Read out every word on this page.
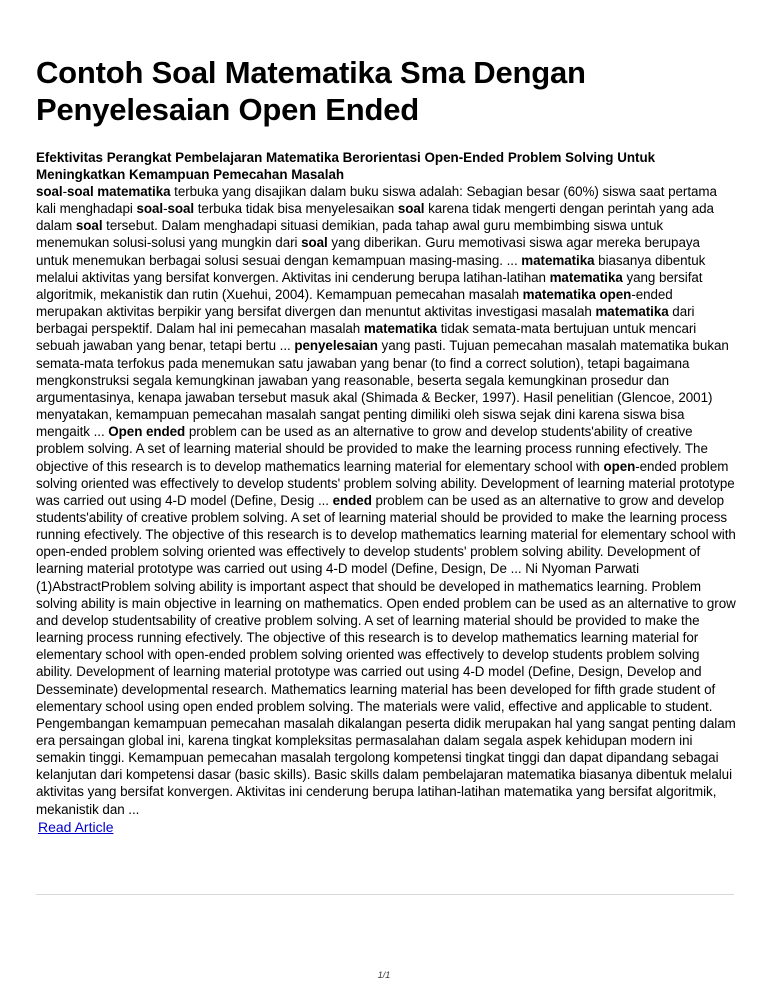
Contoh Soal Matematika Sma Dengan Penyelesaian Open Ended
Efektivitas Perangkat Pembelajaran Matematika Berorientasi Open-Ended Problem Solving Untuk Meningkatkan Kemampuan Pemecahan Masalah

soal-soal matematika terbuka yang disajikan dalam buku siswa adalah: Sebagian besar (60%) siswa saat pertama kali menghadapi soal-soal terbuka tidak bisa menyelesaikan soal karena tidak mengerti dengan perintah yang ada dalam soal tersebut. Dalam menghadapi situasi demikian, pada tahap awal guru membimbing siswa untuk menemukan solusi-solusi yang mungkin dari soal yang diberikan. Guru memotivasi siswa agar mereka berupaya untuk menemukan berbagai solusi sesuai dengan kemampuan masing-masing. ... matematika biasanya dibentuk melalui aktivitas yang bersifat konvergen. Aktivitas ini cenderung berupa latihan-latihan matematika yang bersifat algoritmik, mekanistik dan rutin (Xuehui, 2004). Kemampuan pemecahan masalah matematika open-ended merupakan aktivitas berpikir yang bersifat divergen dan menuntut aktivitas investigasi masalah matematika dari berbagai perspektif. Dalam hal ini pemecahan masalah matematika tidak semata-mata bertujuan untuk mencari sebuah jawaban yang benar, tetapi bertu ... penyelesaian yang pasti. Tujuan pemecahan masalah matematika bukan semata-mata terfokus pada menemukan satu jawaban yang benar (to find a correct solution), tetapi bagaimana mengkonstruksi segala kemungkinan jawaban yang reasonable, beserta segala kemungkinan prosedur dan argumentasinya, kenapa jawaban tersebut masuk akal (Shimada & Becker, 1997). Hasil penelitian (Glencoe, 2001) menyatakan, kemampuan pemecahan masalah sangat penting dimiliki oleh siswa sejak dini karena siswa bisa mengaitk ... Open ended problem can be used as an alternative to grow and develop students'ability of creative problem solving. A set of learning material should be provided to make the learning process running efectively. The objective of this research is to develop mathematics learning material for elementary school with open-ended problem solving oriented was effectively to develop students' problem solving ability. Development of learning material prototype was carried out using 4-D model (Define, Desig ... ended problem can be used as an alternative to grow and develop students'ability of creative problem solving. A set of learning material should be provided to make the learning process running efectively. The objective of this research is to develop mathematics learning material for elementary school with open-ended problem solving oriented was effectively to develop students' problem solving ability. Development of learning material prototype was carried out using 4-D model (Define, Design, De ... Ni Nyoman Parwati (1)AbstractProblem solving ability is important aspect that should be developed in mathematics learning. Problem solving ability is main objective in learning on mathematics. Open ended problem can be used as an alternative to grow and develop studentsability of creative problem solving. A set of learning material should be provided to make the learning process running efectively. The objective of this research is to develop mathematics learning material for elementary school with open-ended problem solving oriented was effectively to develop students problem solving ability. Development of learning material prototype was carried out using 4-D model (Define, Design, Develop and Desseminate) developmental research. Mathematics learning material has been developed for fifth grade student of elementary school using open ended problem solving. The materials were valid, effective and applicable to student. Pengembangan kemampuan pemecahan masalah dikalangan peserta didik merupakan hal yang sangat penting dalam era persaingan global ini, karena tingkat kompleksitas permasalahan dalam segala aspek kehidupan modern ini semakin tinggi. Kemampuan pemecahan masalah tergolong kompetensi tingkat tinggi dan dapat dipandang sebagai kelanjutan dari kompetensi dasar (basic skills). Basic skills dalam pembelajaran matematika biasanya dibentuk melalui aktivitas yang bersifat konvergen. Aktivitas ini cenderung berupa latihan-latihan matematika yang bersifat algoritmik, mekanistik dan ...

Read Article
1/1
